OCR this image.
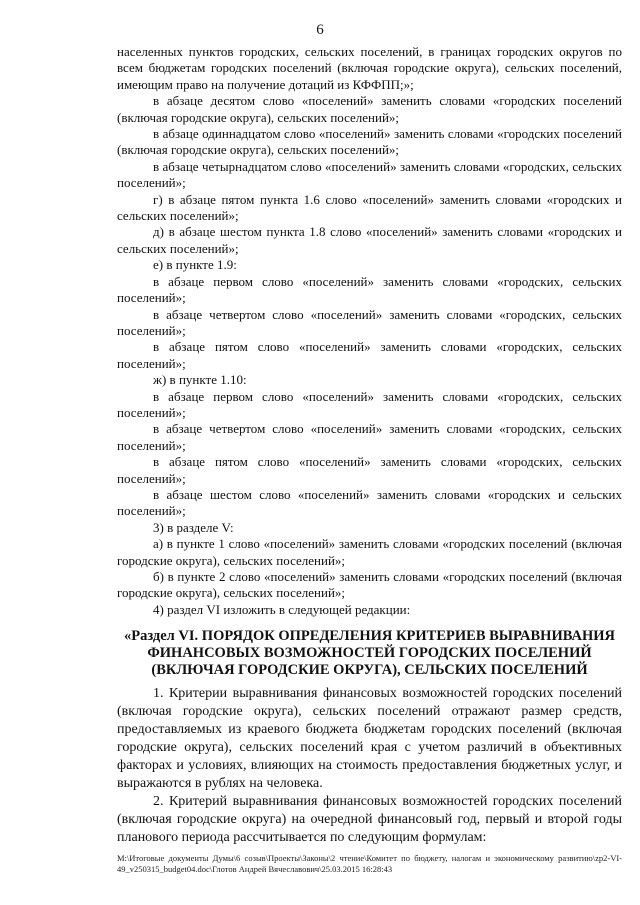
6

населенных пунктов городских, сельских поселений, в границах городских округов по всем бюджетам городских поселений (включая городские округа), сельских поселений, имеющим право на получение дотаций из КФФПП;»;

в абзаце десятом слово «поселений» заменить словами «городских поселений (включая городские округа), сельских поселений»;

в абзаце одиннадцатом слово «поселений» заменить словами «городских поселений (включая городские округа), сельских поселений»;

в абзаце четырнадцатом слово «поселений» заменить словами «городских, сельских поселений»;

г) в абзаце пятом пункта 1.6 слово «поселений» заменить словами «городских и сельских поселений»;

д) в абзаце шестом пункта 1.8 слово «поселений» заменить словами «городских и сельских поселений»;

е) в пункте 1.9:

в абзаце первом слово «поселений» заменить словами «городских, сельских поселений»;

в абзаце четвертом слово «поселений» заменить словами «городских, сельских поселений»;

в абзаце пятом слово «поселений» заменить словами «городских, сельских поселений»;

ж) в пункте 1.10:

в абзаце первом слово «поселений» заменить словами «городских, сельских поселений»;

в абзаце четвертом слово «поселений» заменить словами «городских, сельских поселений»;

в абзаце пятом слово «поселений» заменить словами «городских, сельских поселений»;

в абзаце шестом слово «поселений» заменить словами «городских и сельских поселений»;

3) в разделе V:

а) в пункте 1 слово «поселений» заменить словами «городских поселений (включая городские округа), сельских поселений»;

б) в пункте 2 слово «поселений» заменить словами «городских поселений (включая городские округа), сельских поселений»;

4) раздел VI изложить в следующей редакции:

«Раздел VI. ПОРЯДОК ОПРЕДЕЛЕНИЯ КРИТЕРИЕВ ВЫРАВНИВАНИЯ ФИНАНСОВЫХ ВОЗМОЖНОСТЕЙ ГОРОДСКИХ ПОСЕЛЕНИЙ (ВКЛЮЧАЯ ГОРОДСКИЕ ОКРУГА), СЕЛЬСКИХ ПОСЕЛЕНИЙ

1. Критерии выравнивания финансовых возможностей городских поселений (включая городские округа), сельских поселений отражают размер средств, предоставляемых из краевого бюджета бюджетам городских поселений (включая городские округа), сельских поселений края с учетом различий в объективных факторах и условиях, влияющих на стоимость предоставления бюджетных услуг, и выражаются в рублях на человека.

2. Критерий выравнивания финансовых возможностей городских поселений (включая городские округа) на очередной финансовый год, первый и второй годы планового периода рассчитывается по следующим формулам:

M:\Итоговые документы Думы\6 созыв\Проекты\Законы\2 чтение\Комитет по бюджету, налогам и экономическому развитию\zp2-VI-49_v250315_budget04.doc\Глотов Андрей Вячеславович\25.03.2015 16:28:43
